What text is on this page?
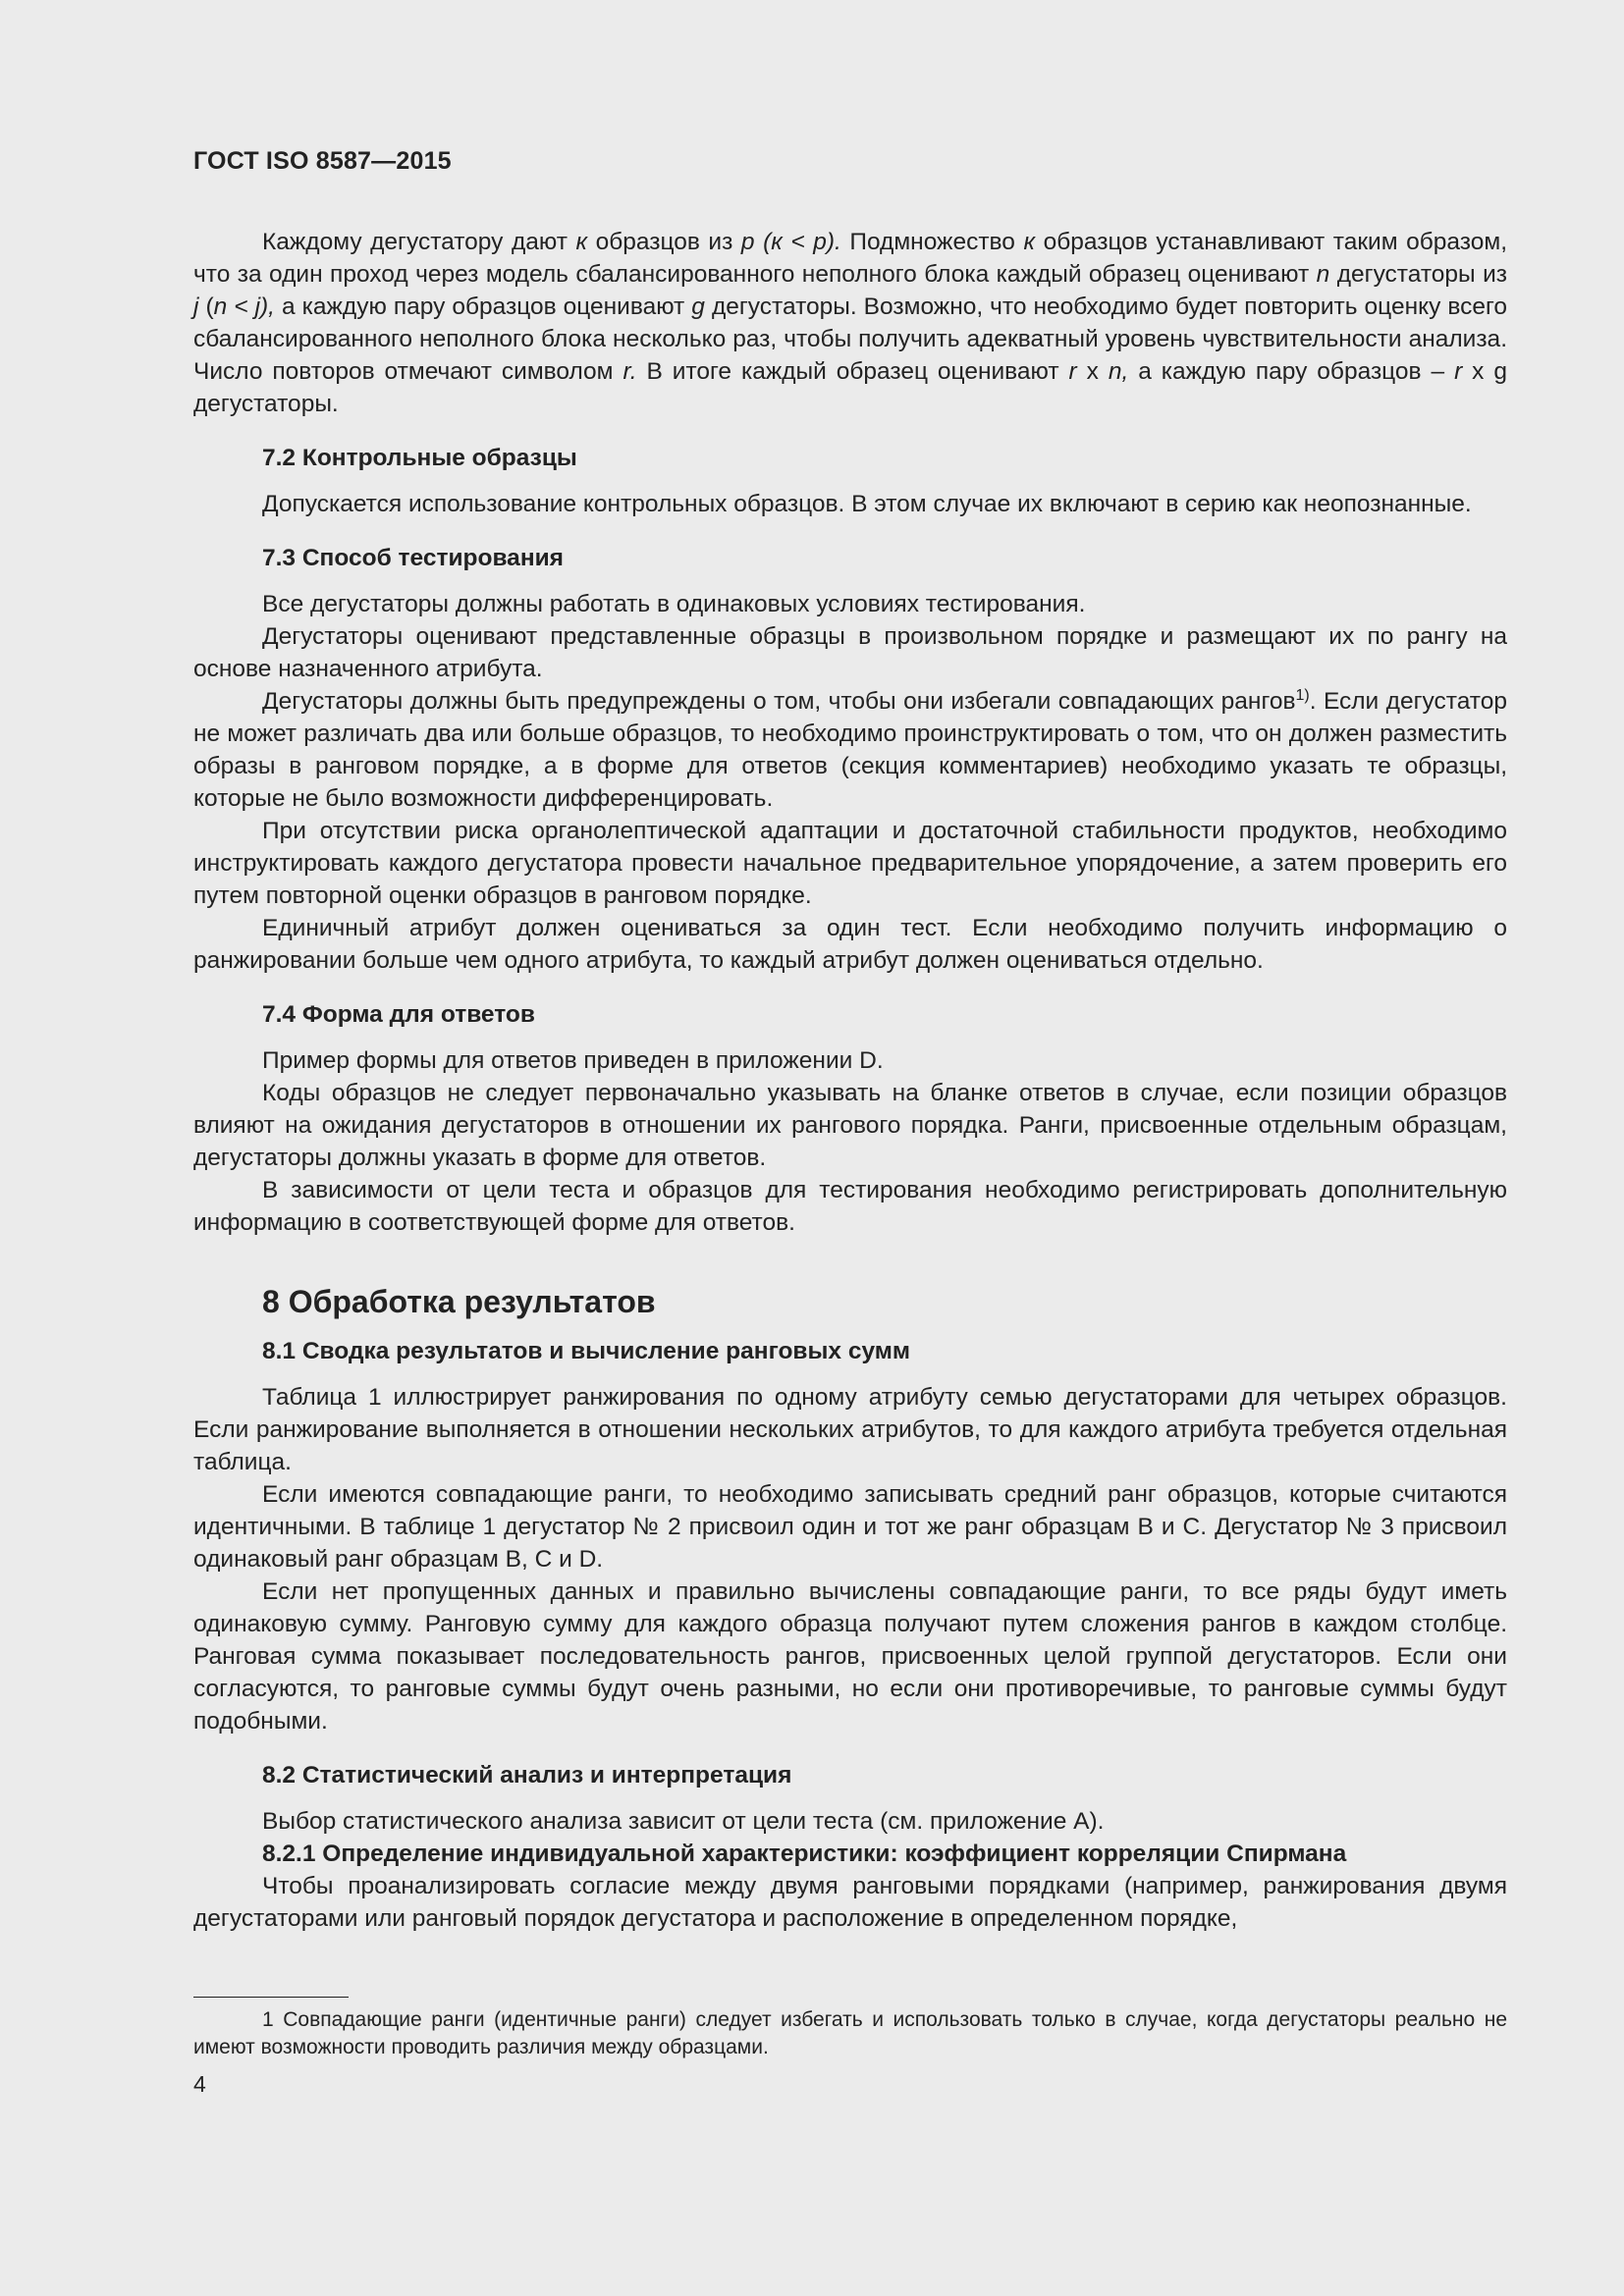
ГОСТ ISO 8587—2015

Каждому дегустатору дают к образцов из р (к < р). Подмножество к образцов устанавливают таким образом, что за один проход через модель сбалансированного неполного блока каждый образец оценивают n дегустаторы из j (n < j), а каждую пару образцов оценивают g дегустаторы. Возможно, что необходимо будет повторить оценку всего сбалансированного неполного блока несколько раз, чтобы получить адекватный уровень чувствительности анализа. Число повторов отмечают символом r. В итоге каждый образец оценивают r x n, а каждую пару образцов – r x g дегустаторы.

7.2 Контрольные образцы

Допускается использование контрольных образцов. В этом случае их включают в серию как неопознанные.

7.3 Способ тестирования

Все дегустаторы должны работать в одинаковых условиях тестирования.

Дегустаторы оценивают представленные образцы в произвольном порядке и размещают их по рангу на основе назначенного атрибута.

Дегустаторы должны быть предупреждены о том, чтобы они избегали совпадающих рангов$^{1)}$. Если дегустатор не может различать два или больше образцов, то необходимо проинструктировать о том, что он должен разместить образы в ранговом порядке, а в форме для ответов (секция комментариев) необходимо указать те образцы, которые не было возможности дифференцировать.

При отсутствии риска органолептической адаптации и достаточной стабильности продуктов, необходимо инструктировать каждого дегустатора провести начальное предварительное упорядочение, а затем проверить его путем повторной оценки образцов в ранговом порядке.

Единичный атрибут должен оцениваться за один тест. Если необходимо получить информацию о ранжировании больше чем одного атрибута, то каждый атрибут должен оцениваться отдельно.

7.4 Форма для ответов

Пример формы для ответов приведен в приложении D.

Коды образцов не следует первоначально указывать на бланке ответов в случае, если позиции образцов влияют на ожидания дегустаторов в отношении их рангового порядка. Ранги, присвоенные отдельным образцам, дегустаторы должны указать в форме для ответов.

В зависимости от цели теста и образцов для тестирования необходимо регистрировать дополнительную информацию в соответствующей форме для ответов.

8 Обработка результатов
8.1 Сводка результатов и вычисление ранговых сумм

Таблица 1 иллюстрирует ранжирования по одному атрибуту семью дегустаторами для четырех образцов. Если ранжирование выполняется в отношении нескольких атрибутов, то для каждого атрибута требуется отдельная таблица.

Если имеются совпадающие ранги, то необходимо записывать средний ранг образцов, которые считаются идентичными. В таблице 1 дегустатор № 2 присвоил один и тот же ранг образцам В и С. Дегустатор № 3 присвоил одинаковый ранг образцам В, С и D.

Если нет пропущенных данных и правильно вычислены совпадающие ранги, то все ряды будут иметь одинаковую сумму. Ранговую сумму для каждого образца получают путем сложения рангов в каждом столбце. Ранговая сумма показывает последовательность рангов, присвоенных целой группой дегустаторов. Если они согласуются, то ранговые суммы будут очень разными, но если они противоречивые, то ранговые суммы будут подобными.

8.2 Статистический анализ и интерпретация

Выбор статистического анализа зависит от цели теста (см. приложение А).

8.2.1 Определение индивидуальной характеристики: коэффициент корреляции Спирмана

Чтобы проанализировать согласие между двумя ранговыми порядками (например, ранжирования двумя дегустаторами или ранговый порядок дегустатора и расположение в определенном порядке,

1 Совпадающие ранги (идентичные ранги) следует избегать и использовать только в случае, когда дегустаторы реально не имеют возможности проводить различия между образцами.

4
